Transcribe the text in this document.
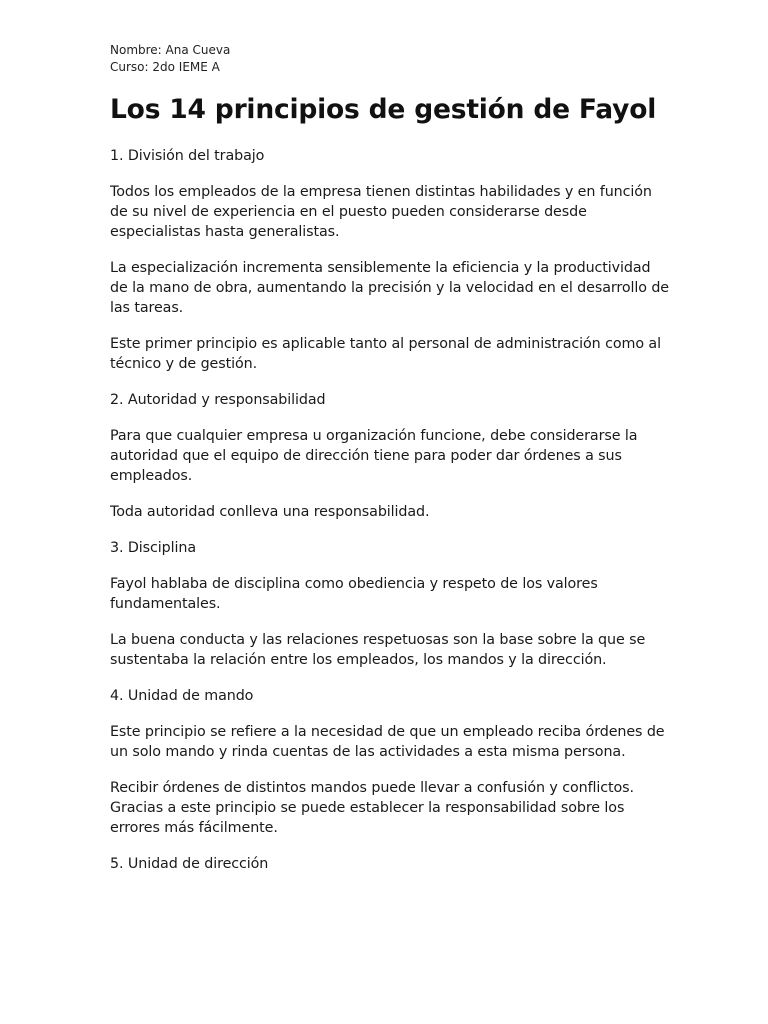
Nombre: Ana Cueva

Curso: 2do IEME A

Los 14 principios de gestión de Fayol

1. División del trabajo

Todos los empleados de la empresa tienen distintas habilidades y en función de su nivel de experiencia en el puesto pueden considerarse desde especialistas hasta generalistas.

La especialización incrementa sensiblemente la eficiencia y la productividad de la mano de obra, aumentando la precisión y la velocidad en el desarrollo de las tareas.

Este primer principio es aplicable tanto al personal de administración como al técnico y de gestión.

2. Autoridad y responsabilidad

Para que cualquier empresa u organización funcione, debe considerarse la autoridad que el equipo de dirección tiene para poder dar órdenes a sus empleados.

Toda autoridad conlleva una responsabilidad.

3. Disciplina

Fayol hablaba de disciplina como obediencia y respeto de los valores fundamentales.

La buena conducta y las relaciones respetuosas son la base sobre la que se sustentaba la relación entre los empleados, los mandos y la dirección.

4. Unidad de mando

Este principio se refiere a la necesidad de que un empleado reciba órdenes de un solo mando y rinda cuentas de las actividades a esta misma persona.

Recibir órdenes de distintos mandos puede llevar a confusión y conflictos. Gracias a este principio se puede establecer la responsabilidad sobre los errores más fácilmente.

5. Unidad de dirección
